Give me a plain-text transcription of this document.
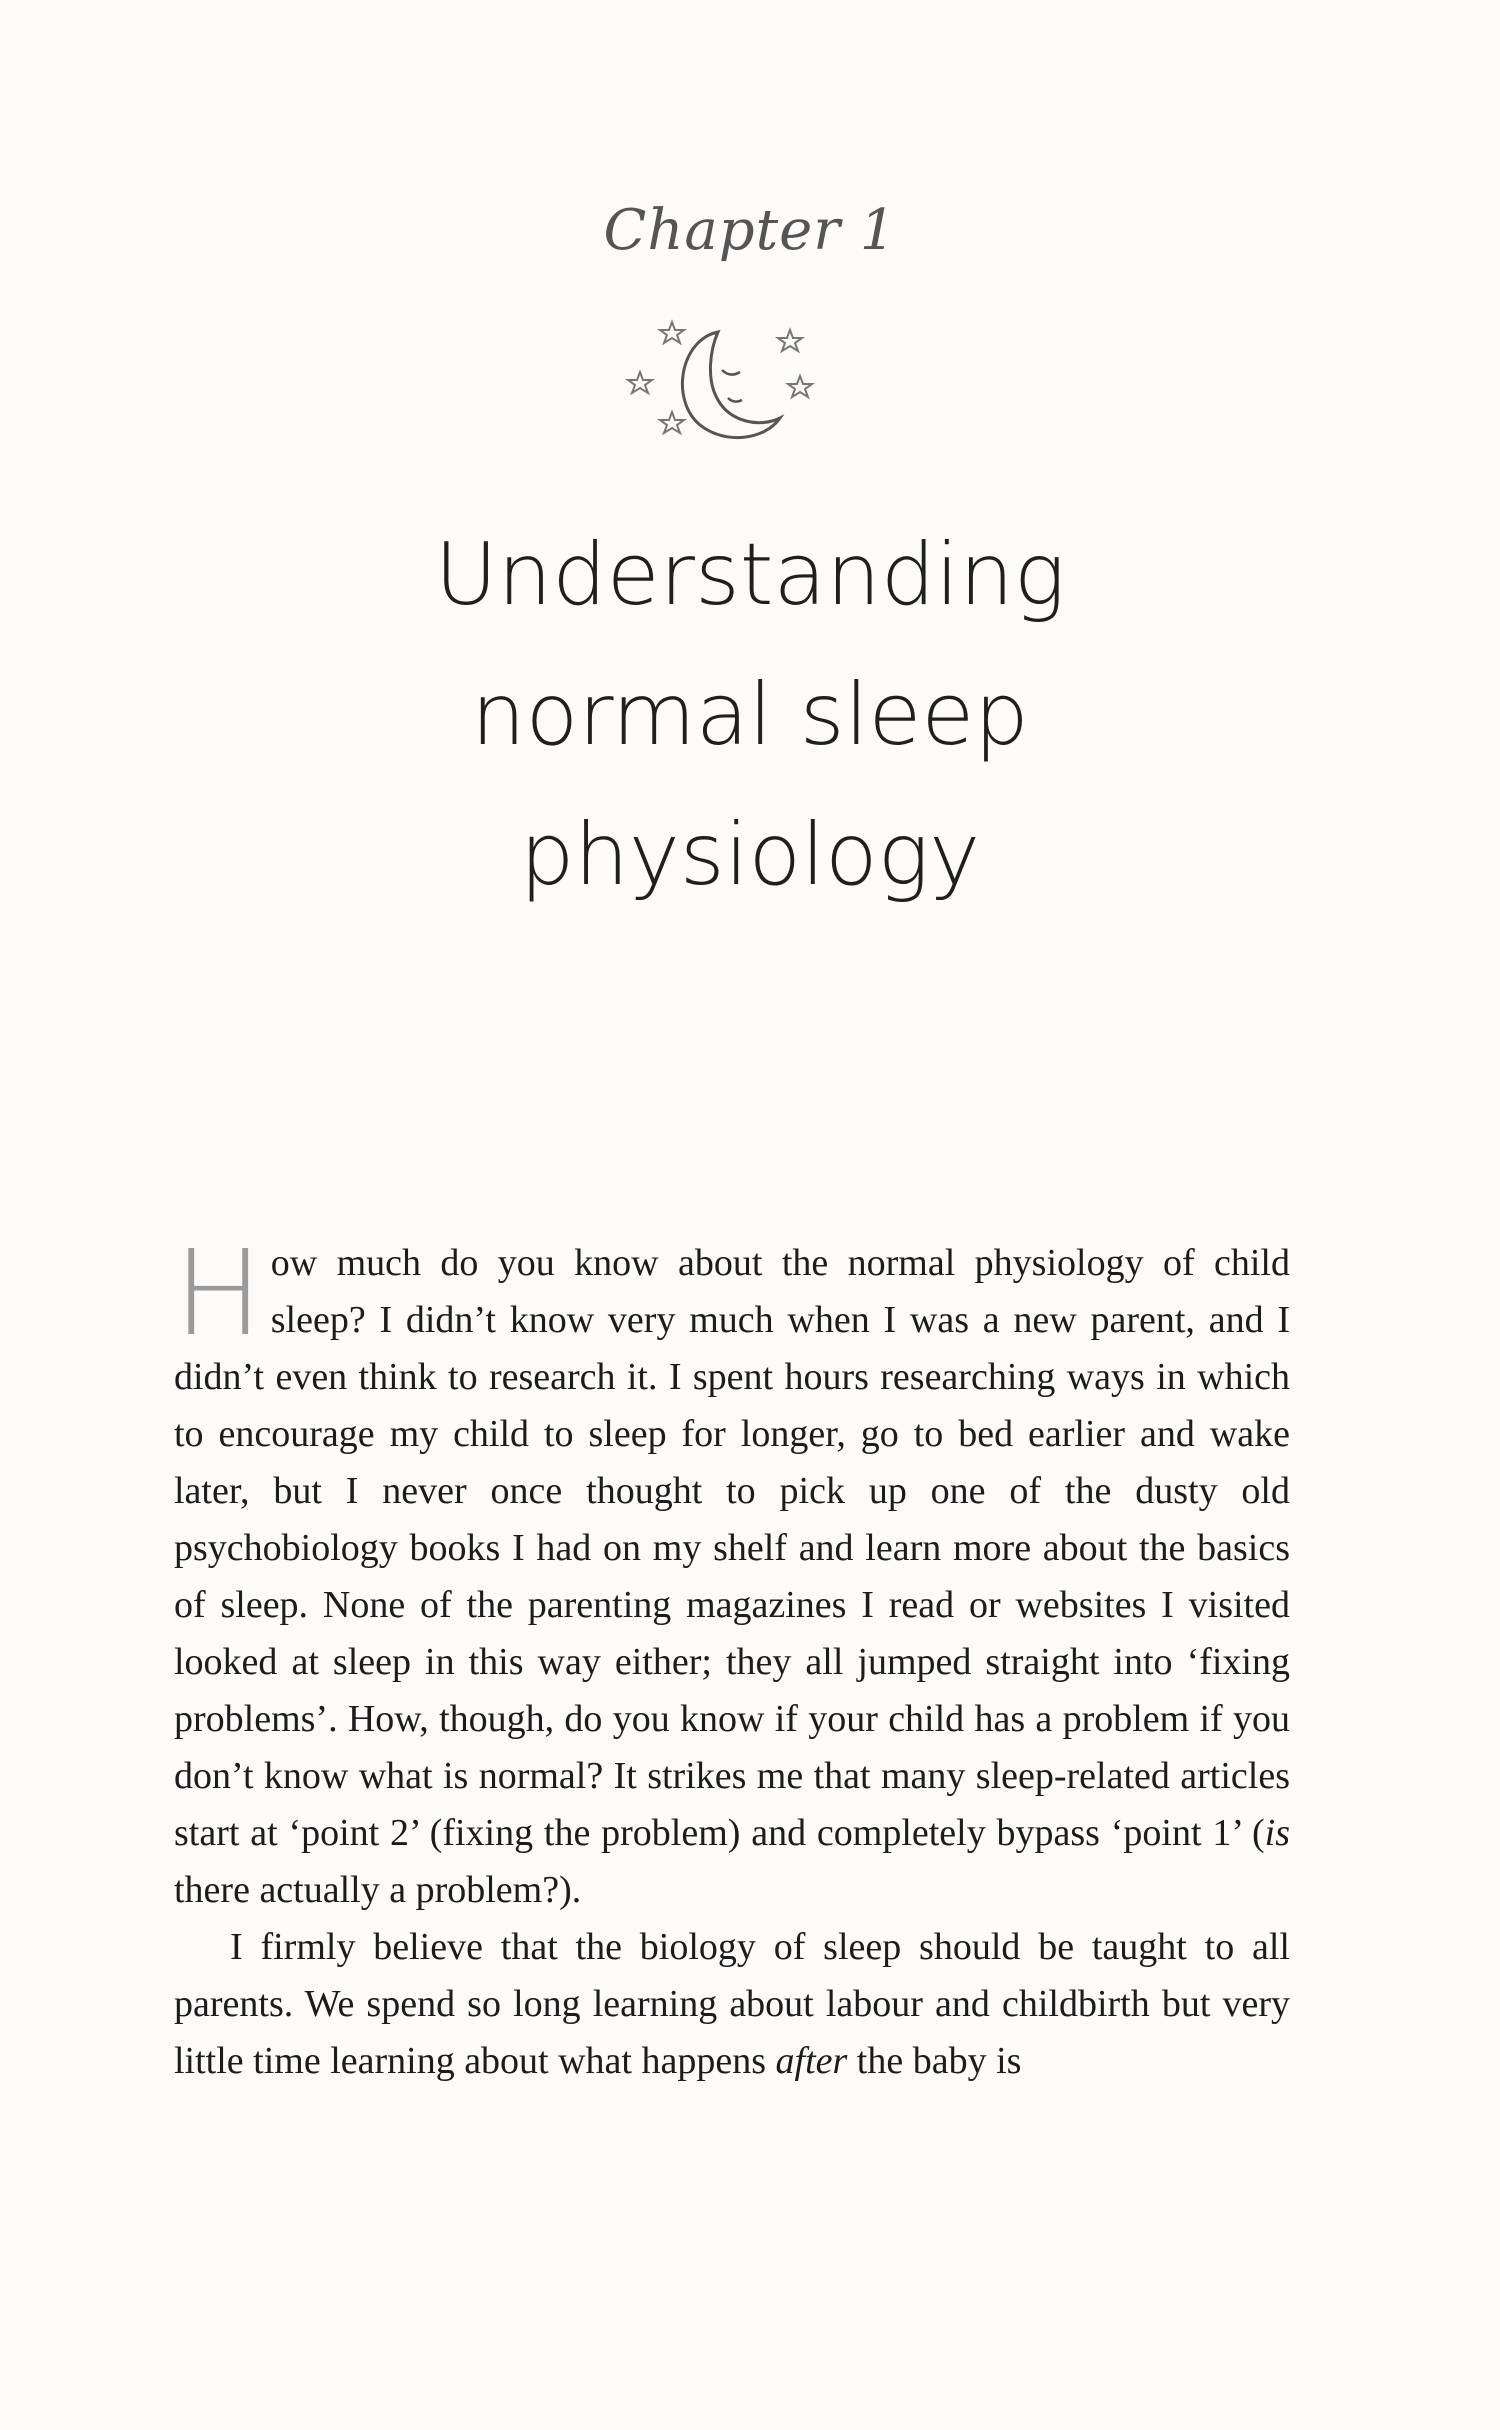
Chapter 1
Understanding
normal sleep
physiology

How much do you know about the normal physiology of child sleep? I didn’t know very much when I was a new parent, and I didn’t even think to research it. I spent hours researching ways in which to encourage my child to sleep for longer, go to bed earlier and wake later, but I never once thought to pick up one of the dusty old psychobiology books I had on my shelf and learn more about the basics of sleep. None of the parenting magazines I read or websites I visited looked at sleep in this way either; they all jumped straight into ‘fixing problems’. How, though, do you know if your child has a problem if you don’t know what is normal? It strikes me that many sleep-related articles start at ‘point 2’ (fixing the problem) and completely bypass ‘point 1’ (is there actually a problem?).

I firmly believe that the biology of sleep should be taught to all parents. We spend so long learning about labour and childbirth but very little time learning about what happens after the baby is
